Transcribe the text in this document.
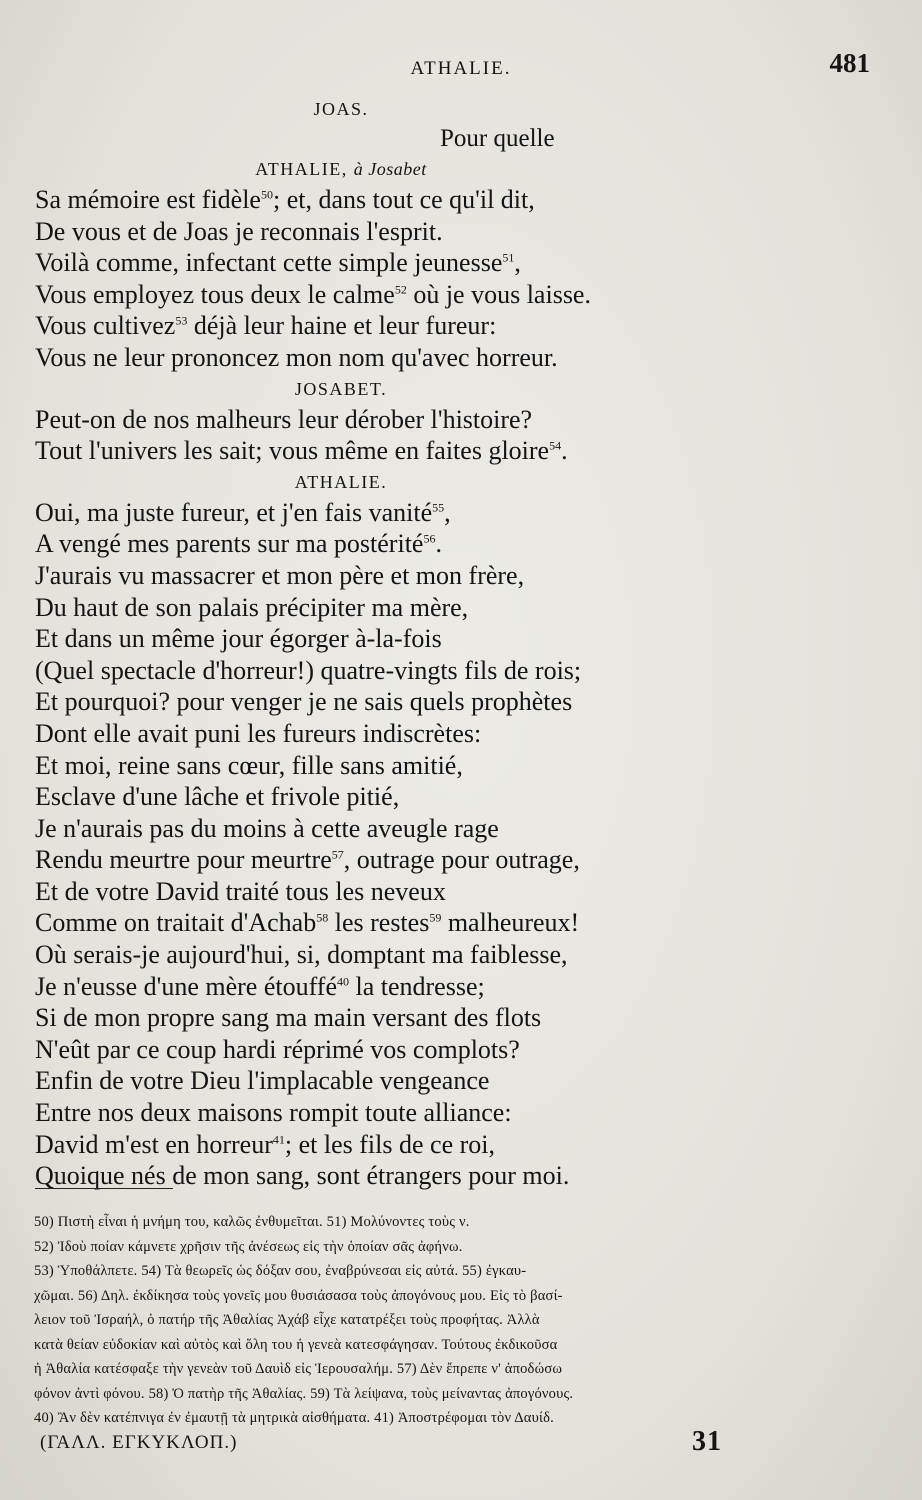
ATHALIE.	481
JOAS.
Pour quelle
ATHALIE, à Josabet
Sa mémoire est fidèle$^{50}$; et, dans tout ce qu'il dit,
De vous et de Joas je reconnais l'esprit.
Voilà comme, infectant cette simple jeunesse$^{51}$,
Vous employez tous deux le calme$^{52}$ où je vous laisse.
Vous cultivez$^{53}$ déjà leur haine et leur fureur:
Vous ne leur prononcez mon nom qu'avec horreur.
JOSABET.
Peut-on de nos malheurs leur dérober l'histoire?
Tout l'univers les sait; vous même en faites gloire$^{54}$.
ATHALIE.
Oui, ma juste fureur, et j'en fais vanité$^{55}$,
A vengé mes parents sur ma postérité$^{56}$.
J'aurais vu massacrer et mon père et mon frère,
Du haut de son palais précipiter ma mère,
Et dans un même jour égorger à-la-fois
(Quel spectacle d'horreur!) quatre-vingts fils de rois;
Et pourquoi? pour venger je ne sais quels prophètes
Dont elle avait puni les fureurs indiscrètes:
Et moi, reine sans cœur, fille sans amitié,
Esclave d'une lâche et frivole pitié,
Je n'aurais pas du moins à cette aveugle rage
Rendu meurtre pour meurtre$^{57}$, outrage pour outrage,
Et de votre David traité tous les neveux
Comme on traitait d'Achab$^{58}$ les restes$^{59}$ malheureux!
Où serais-je aujourd'hui, si, domptant ma faiblesse,
Je n'eusse d'une mère étouffé$^{40}$ la tendresse;
Si de mon propre sang ma main versant des flots
N'eût par ce coup hardi réprimé vos complots?
Enfin de votre Dieu l'implacable vengeance
Entre nos deux maisons rompit toute alliance:
David m'est en horreur$^{41}$; et les fils de ce roi,
Quoique nés de mon sang, sont étrangers pour moi.
50) Πιστὴ εἶναι ἡ μνήμη του, καλῶς ἐνθυμεῖται. 51) Μολύνοντες τοὺς ν.
52) Ἰδοὺ ποίαν κάμνετε χρῆσιν τῆς ἀνέσεως εἰς τὴν ὁποίαν σᾶς ἀφήνω.
53) Ὑποθάλπετε. 54) Τὰ θεωρεῖς ὡς δόξαν σου, ἐναβρύνεσαι εἰς αὐτά. 55) ἐγκαυ-
χῶμαι. 56) Δηλ. ἐκδίκησα τοὺς γονεῖς μου θυσιάσασα τοὺς ἀπογόνους μου. Εἰς τὸ βασί-
λειον τοῦ Ἰσραήλ, ὁ πατήρ τῆς Ἀθαλίας Ἀχάβ εἶχε κατατρέξει τοὺς προφήτας. Ἀλλὰ
κατὰ θείαν εὐδοκίαν καὶ αὐτὸς καὶ ὅλη του ἡ γενεὰ κατεσφάγησαν. Τούτους ἐκδικοῦσα
ἡ Ἀθαλία κατέσφαξε τὴν γενεὰν τοῦ Δαυὶδ εἰς Ἱερουσαλήμ. 57) Δὲν ἔπρεπε ν' ἀποδώσω
φόνον ἀντὶ φόνου. 58) Ὁ πατὴρ τῆς Ἀθαλίας. 59) Τὰ λείψανα, τοὺς μείναντας ἀπογόνους.
40) Ἂν δὲν κατέπνιγα ἐν ἐμαυτῇ τὰ μητρικὰ αἰσθήματα. 41) Ἀποστρέφομαι τὸν Δαυίδ.
(ΓΑΛΛ. ΕΓΚΥΚΛΟΠ.)	31
